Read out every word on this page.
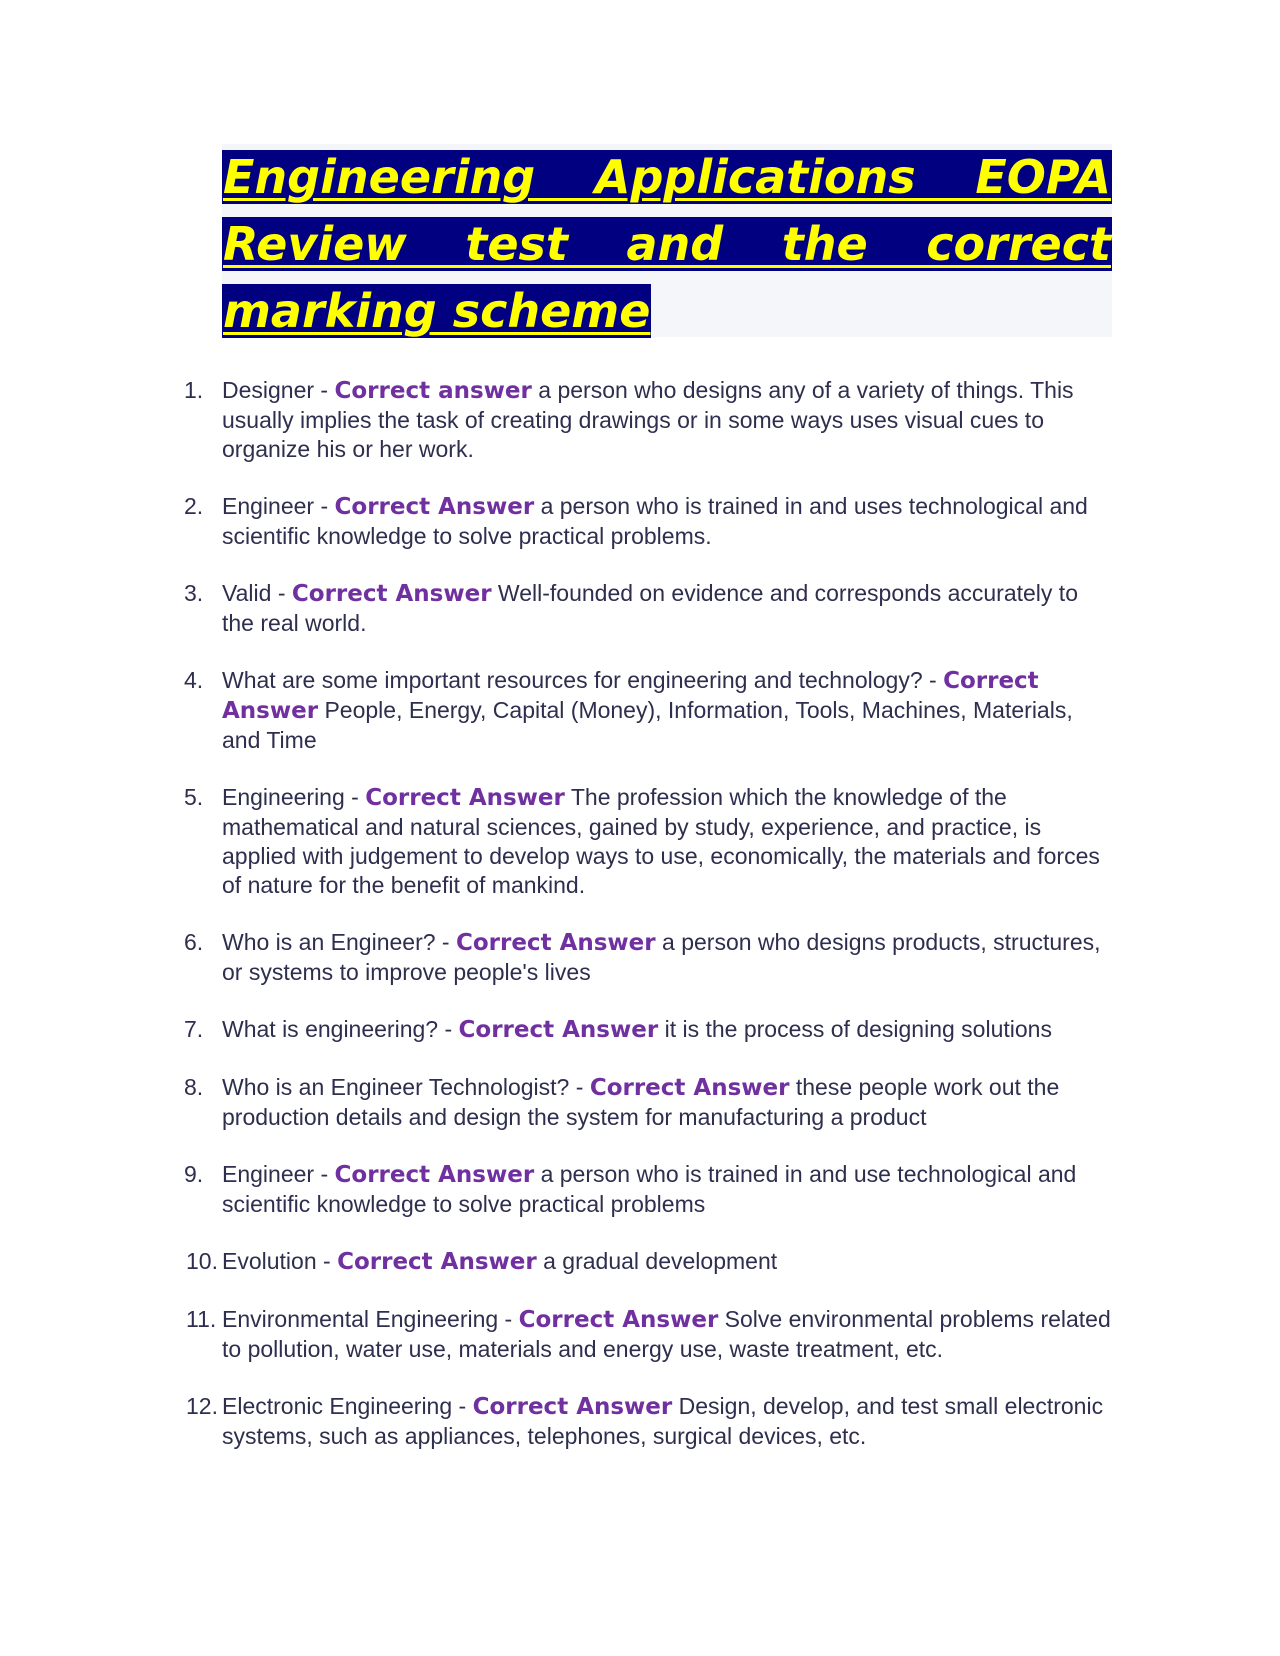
Engineering Applications EOPA Review test and the correct marking scheme
1. Designer - Correct answer a person who designs any of a variety of things. This usually implies the task of creating drawings or in some ways uses visual cues to organize his or her work.
2. Engineer - Correct Answer a person who is trained in and uses technological and scientific knowledge to solve practical problems.
3. Valid - Correct Answer Well-founded on evidence and corresponds accurately to the real world.
4. What are some important resources for engineering and technology? - Correct Answer People, Energy, Capital (Money), Information, Tools, Machines, Materials, and Time
5. Engineering - Correct Answer The profession which the knowledge of the mathematical and natural sciences, gained by study, experience, and practice, is applied with judgement to develop ways to use, economically, the materials and forces of nature for the benefit of mankind.
6. Who is an Engineer? - Correct Answer a person who designs products, structures, or systems to improve people's lives
7. What is engineering? - Correct Answer it is the process of designing solutions
8. Who is an Engineer Technologist? - Correct Answer these people work out the production details and design the system for manufacturing a product
9. Engineer - Correct Answer a person who is trained in and use technological and scientific knowledge to solve practical problems
10. Evolution - Correct Answer a gradual development
11. Environmental Engineering - Correct Answer Solve environmental problems related to pollution, water use, materials and energy use, waste treatment, etc.
12. Electronic Engineering - Correct Answer Design, develop, and test small electronic systems, such as appliances, telephones, surgical devices, etc.
